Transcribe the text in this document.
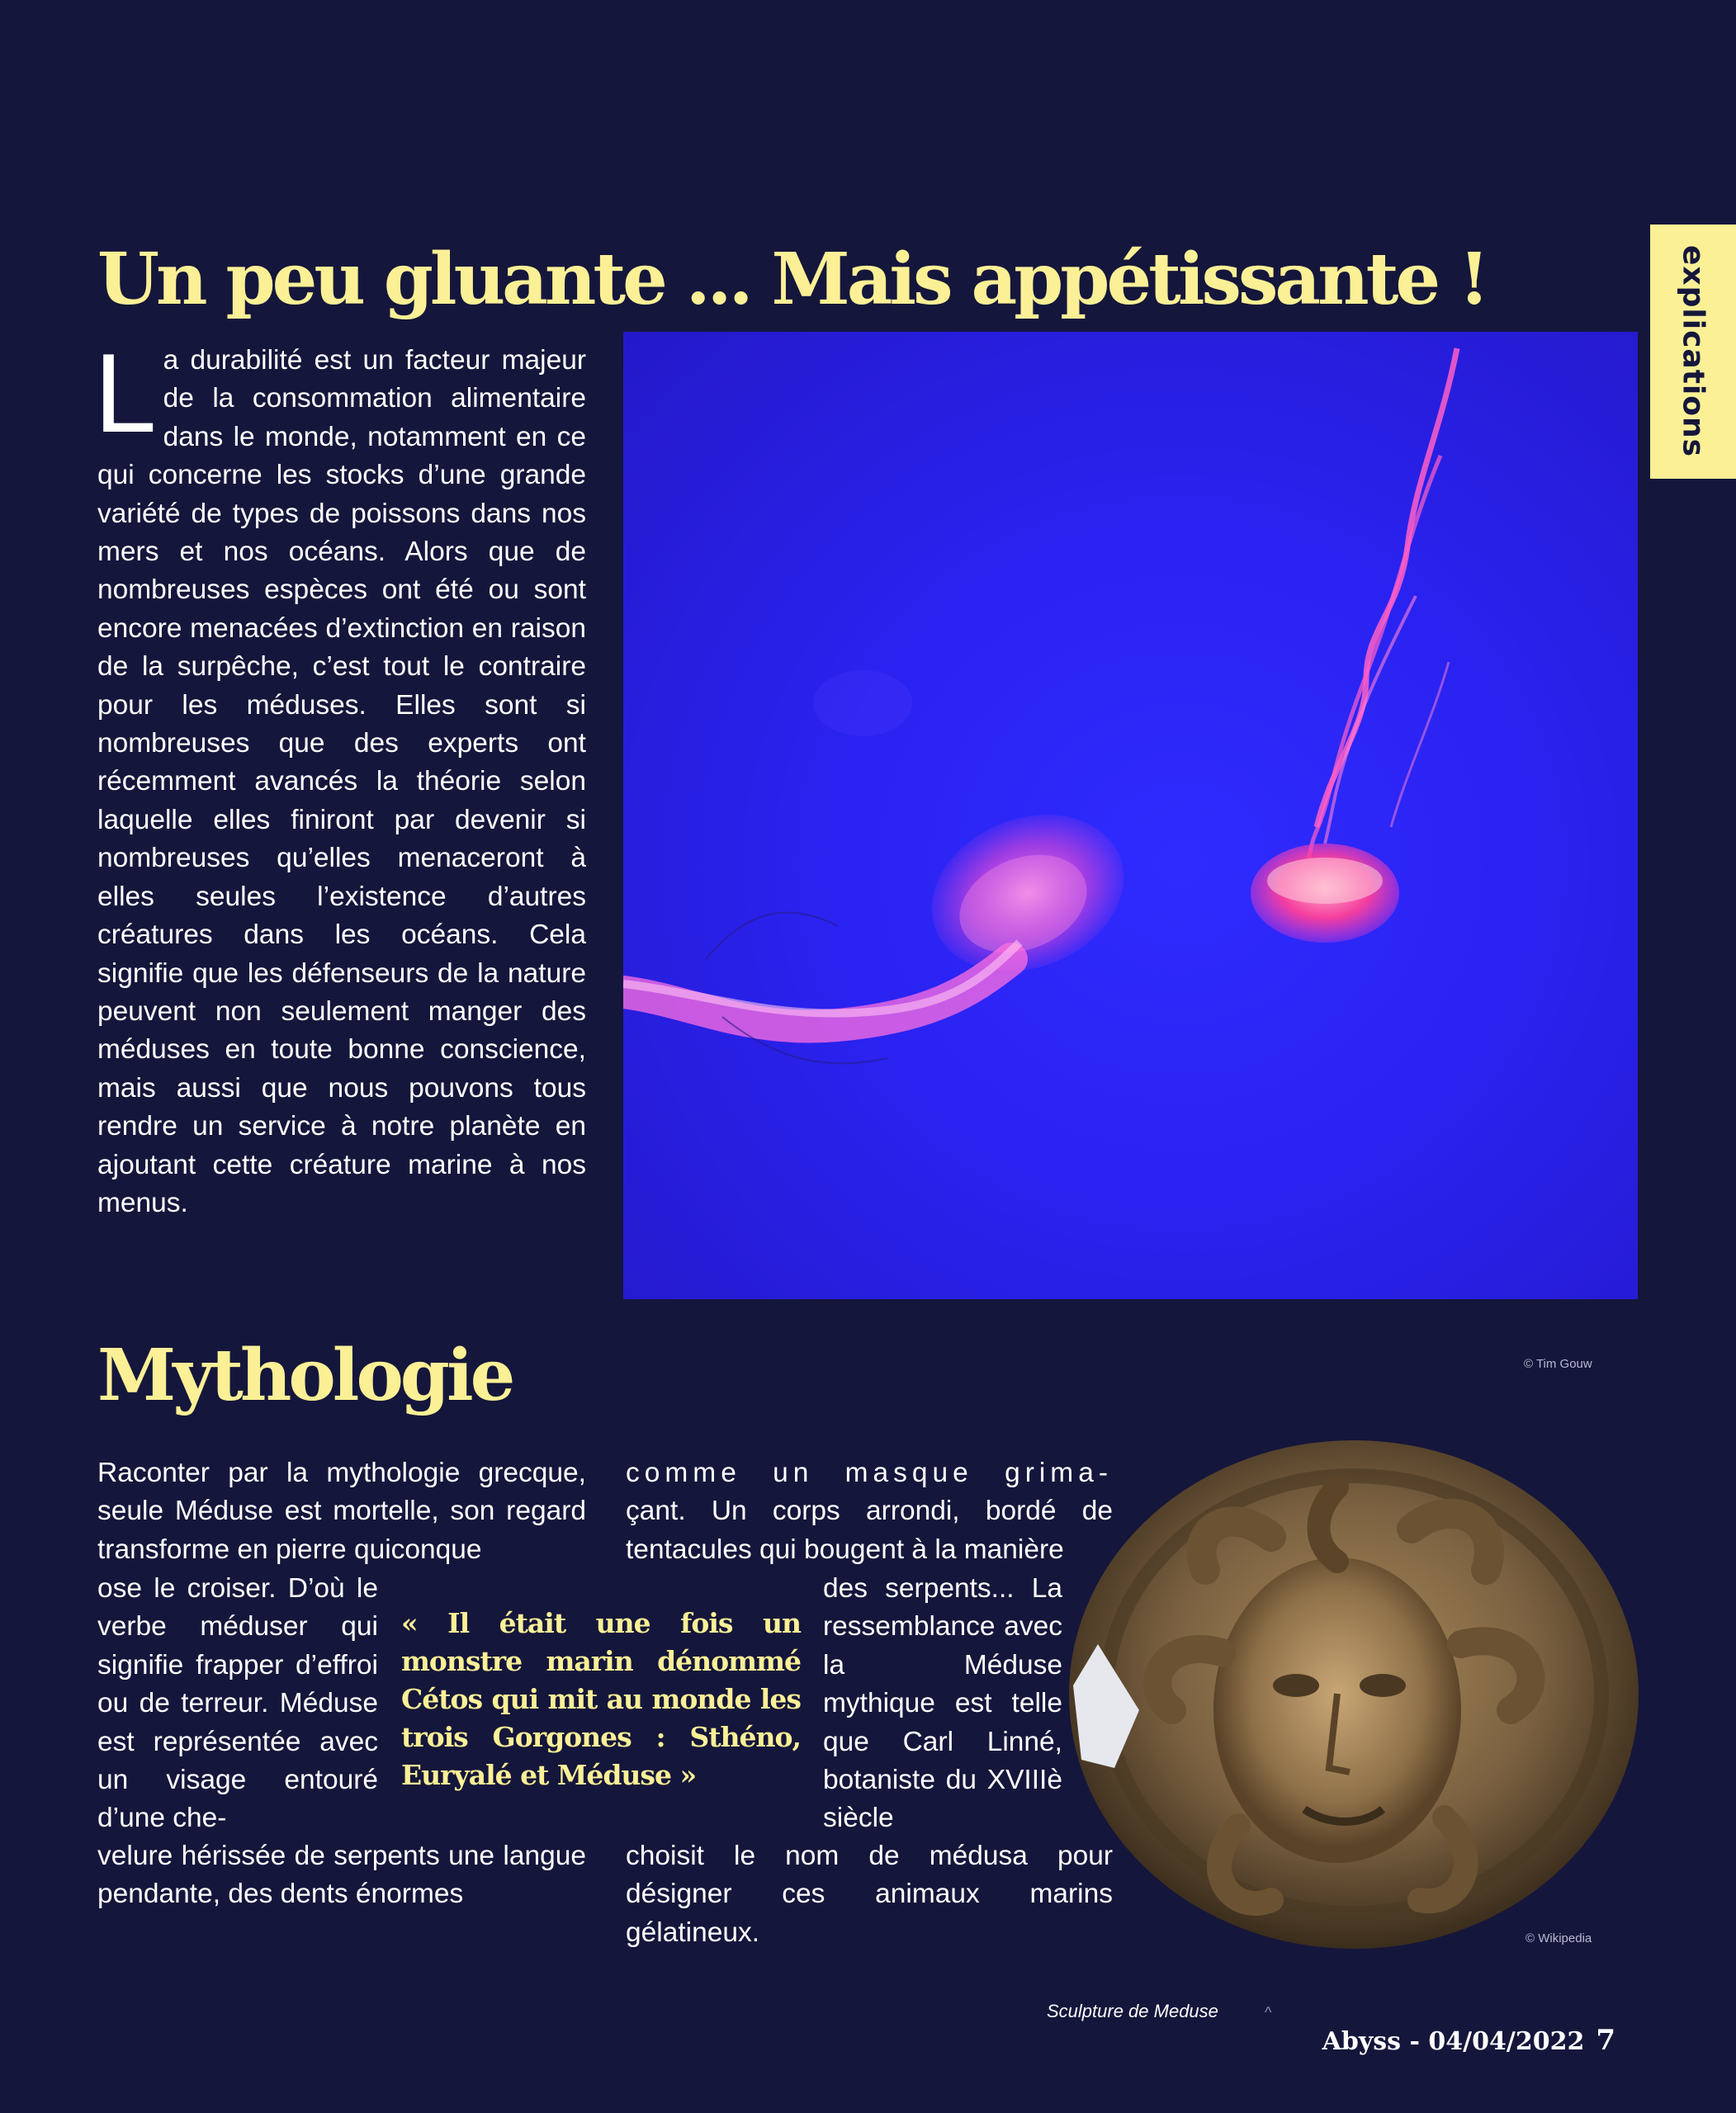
explications
Un peu gluante ... Mais appétissante !

La durabilité est un facteur majeur de la consommation alimentaire dans le monde, notamment en ce qui concerne les stocks d’une grande variété de types de poissons dans nos mers et nos océans. Alors que de nombreuses espèces ont été ou sont encore menacées d’extinction en raison de la surpêche, c’est tout le contraire pour les méduses. Elles sont si nombreuses que des experts ont récemment avancés la théorie selon laquelle elles finiront par devenir si nombreuses qu’elles menaceront à elles seules l’existence d’autres créatures dans les océans. Cela signifie que les défenseurs de la nature peuvent non seulement manger des méduses en toute bonne conscience, mais aussi que nous pouvons tous rendre un service à notre planète en ajoutant cette créature marine à nos menus.

© Tim Gouw
Mythologie

Raconter par la mythologie grecque, seule Méduse est mortelle, son regard transforme en pierre quiconque

ose le croiser. D’où le verbe méduser qui signifie frapper d’effroi ou de terreur. Méduse est représentée avec un visage entouré d’une che-

velure hérissée de serpents une langue pendante, des dents énormes

comme un masque grima- çant. Un corps arrondi, bordé de tentacules qui bougent à la manière

des serpents... La ressemblance avec la Méduse mythique est telle que Carl Linné, botaniste du XVIIIè siècle

choisit le nom de médusa pour désigner ces animaux marins gélatineux.

« Il était une fois un monstre marin dénommé Cétos qui mit au monde les trois Gorgones : Sthéno, Euryalé et Méduse »

© Wikipedia
Sculpture de Meduse	^
Abyss - 04/04/2022 7
